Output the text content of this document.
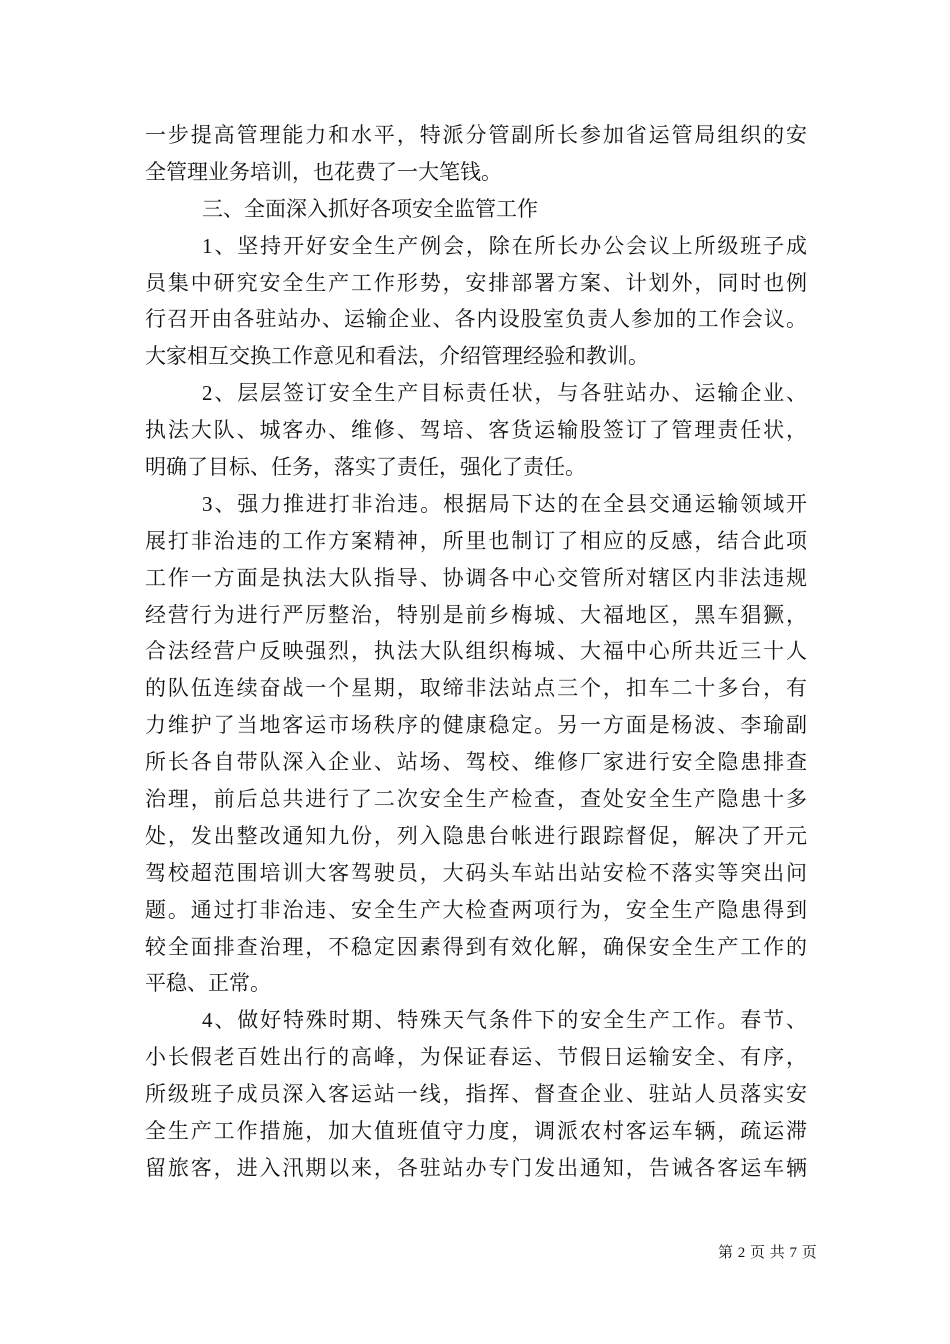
一步提高管理能力和水平，特派分管副所长参加省运管局组织的安
全管理业务培训，也花费了一大笔钱。
三、全面深入抓好各项安全监管工作
1、坚持开好安全生产例会，除在所长办公会议上所级班子成
员集中研究安全生产工作形势，安排部署方案、计划外，同时也例
行召开由各驻站办、运输企业、各内设股室负责人参加的工作会议。
大家相互交换工作意见和看法，介绍管理经验和教训。
2、层层签订安全生产目标责任状，与各驻站办、运输企业、
执法大队、城客办、维修、驾培、客货运输股签订了管理责任状，
明确了目标、任务，落实了责任，强化了责任。
3、强力推进打非治违。根据局下达的在全县交通运输领域开
展打非治违的工作方案精神，所里也制订了相应的反感，结合此项
工作一方面是执法大队指导、协调各中心交管所对辖区内非法违规
经营行为进行严厉整治，特别是前乡梅城、大福地区，黑车猖獗，
合法经营户反映强烈，执法大队组织梅城、大福中心所共近三十人
的队伍连续奋战一个星期，取缔非法站点三个，扣车二十多台，有
力维护了当地客运市场秩序的健康稳定。另一方面是杨波、李瑜副
所长各自带队深入企业、站场、驾校、维修厂家进行安全隐患排查
治理，前后总共进行了二次安全生产检查，查处安全生产隐患十多
处，发出整改通知九份，列入隐患台帐进行跟踪督促，解决了开元
驾校超范围培训大客驾驶员，大码头车站出站安检不落实等突出问
题。通过打非治违、安全生产大检查两项行为，安全生产隐患得到
较全面排查治理，不稳定因素得到有效化解，确保安全生产工作的
平稳、正常。
4、做好特殊时期、特殊天气条件下的安全生产工作。春节、
小长假老百姓出行的高峰，为保证春运、节假日运输安全、有序，
所级班子成员深入客运站一线，指挥、督查企业、驻站人员落实安
全生产工作措施，加大值班值守力度，调派农村客运车辆，疏运滞
留旅客，进入汛期以来，各驻站办专门发出通知，告诫各客运车辆
第 2 页 共 7 页
